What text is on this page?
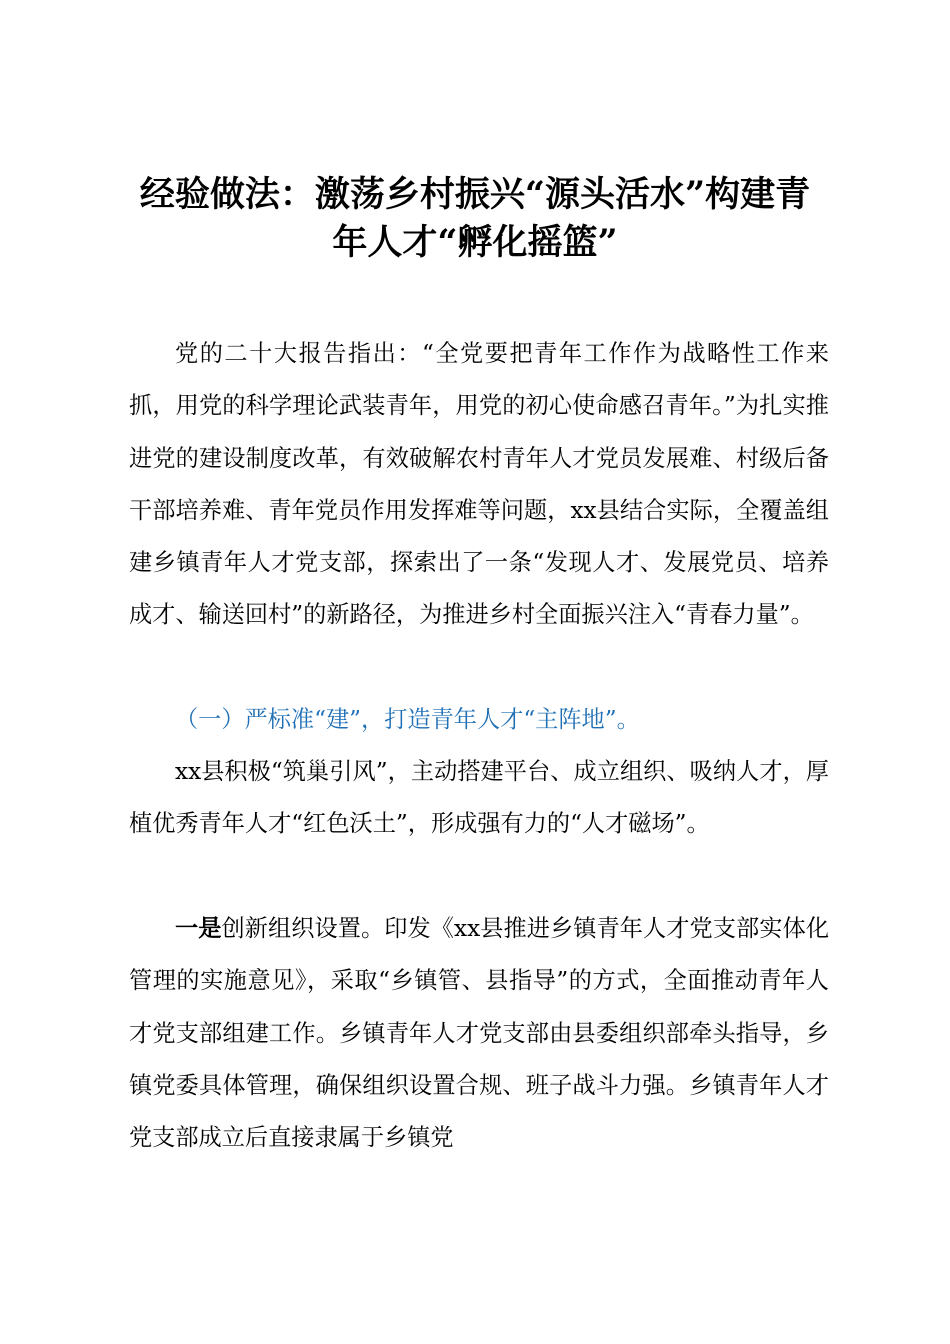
经验做法：激荡乡村振兴“源头活水”构建青
年人才“孵化摇篮”

党的二十大报告指出：“全党要把青年工作作为战略性工作来抓，用党的科学理论武装青年，用党的初心使命感召青年。”为扎实推进党的建设制度改革，有效破解农村青年人才党员发展难、村级后备干部培养难、青年党员作用发挥难等问题，xx县结合实际，全覆盖组建乡镇青年人才党支部，探索出了一条“发现人才、发展党员、培养成才、输送回村”的新路径，为推进乡村全面振兴注入“青春力量”。

（一）严标准“建”，打造青年人才“主阵地”。

xx县积极“筑巢引风”，主动搭建平台、成立组织、吸纳人才，厚植优秀青年人才“红色沃土”，形成强有力的“人才磁场”。

一是创新组织设置。印发《xx县推进乡镇青年人才党支部实体化管理的实施意见》，采取“乡镇管、县指导”的方式，全面推动青年人才党支部组建工作。乡镇青年人才党支部由县委组织部牵头指导，乡镇党委具体管理，确保组织设置合规、班子战斗力强。乡镇青年人才党支部成立后直接隶属于乡镇党
